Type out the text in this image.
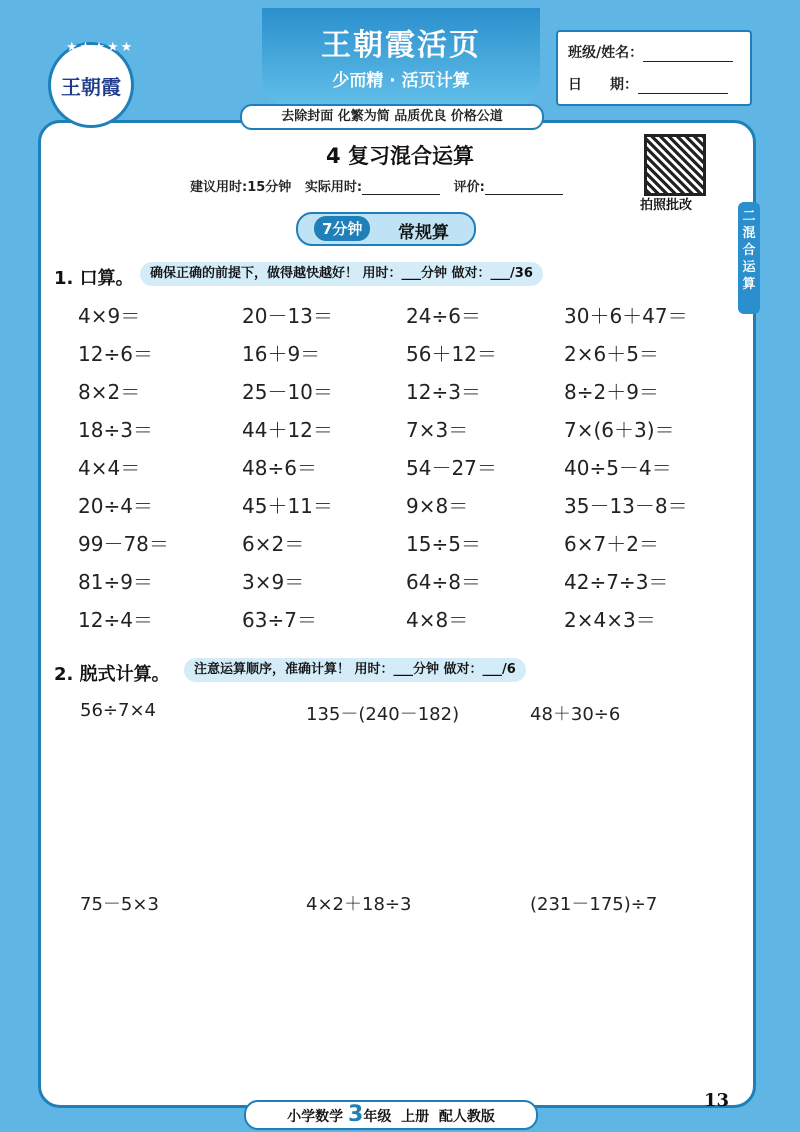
王朝霞
★★★★★	王朝霞活页
少而精 · 活页计算
去除封面 化繁为简 品质优良 价格公道
班级/姓名：
日　　期：
4 复习混合运算
建议用时:15分钟 实际用时:	评价:
拍照批改
二 混合运算
7分钟	常规算
1. 口算。	确保正确的前提下，做得越快越好！ 用时：___分钟 做对：___/36
4×9＝	20－13＝	24÷6＝	30＋6＋47＝
12÷6＝	16＋9＝	56＋12＝	2×6＋5＝
8×2＝	25－10＝	12÷3＝	8÷2＋9＝
18÷3＝	44＋12＝	7×3＝	7×(6＋3)＝
4×4＝	48÷6＝	54－27＝	40÷5－4＝
20÷4＝	45＋11＝	9×8＝	35－13－8＝
99－78＝	6×2＝	15÷5＝	6×7＋2＝
81÷9＝	3×9＝	64÷8＝	42÷7÷3＝
12÷4＝	63÷7＝	4×8＝	2×4×3＝
2. 脱式计算。	注意运算顺序，准确计算！ 用时：___分钟 做对：___/6
56÷7×4	135－(240－182)	48＋30÷6
75－5×3	4×2＋18÷3	(231－175)÷7
小学数学 3年级 上册 配人教版
13
